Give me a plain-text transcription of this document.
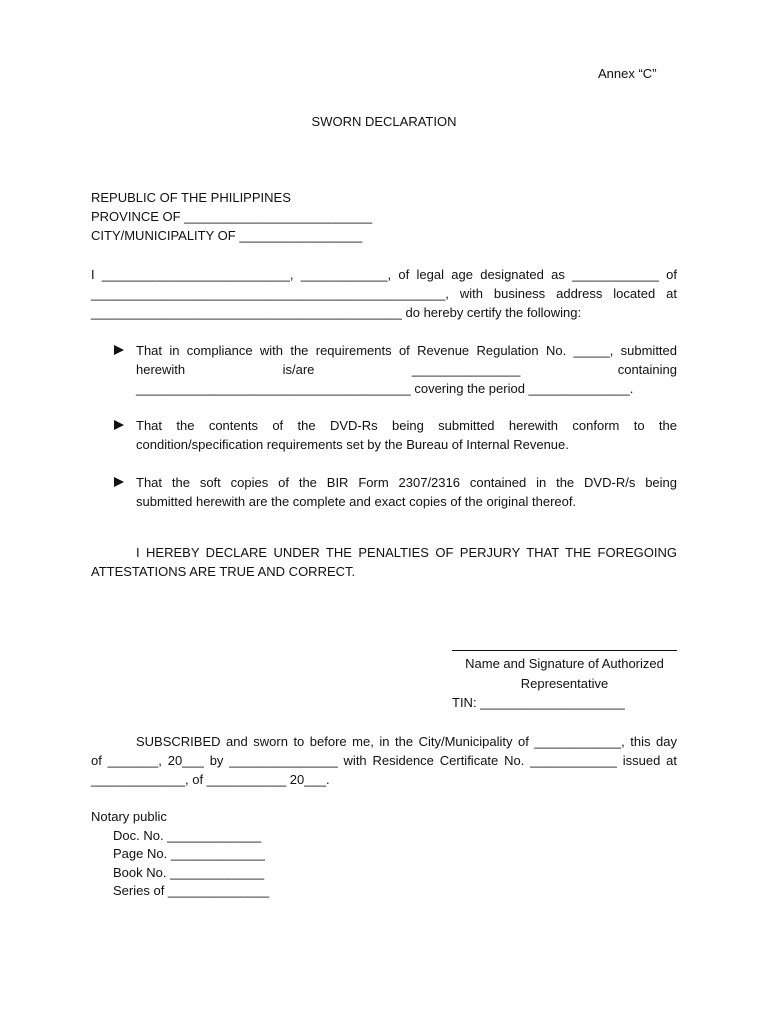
Annex “C”
SWORN DECLARATION
REPUBLIC OF THE PHILIPPINES
PROVINCE OF __________________________
CITY/MUNICIPALITY OF _________________
I __________________________, ____________, of legal age designated as ____________ of
_________________________________________________, with business address located at
___________________________________________ do hereby certify the following:
That in compliance with the requirements of Revenue Regulation No. _____, submitted
herewith is/are _______________ containing
______________________________________ covering the period ______________.
That the contents of the DVD-Rs being submitted herewith conform to the
condition/specification requirements set by the Bureau of Internal Revenue.
That the soft copies of the BIR Form 2307/2316 contained in the DVD-R/s being
submitted herewith are the complete and exact copies of the original thereof.
I HEREBY DECLARE UNDER THE PENALTIES OF PERJURY THAT THE FOREGOING
ATTESTATIONS ARE TRUE AND CORRECT.
Name and Signature of Authorized
Representative
TIN: ____________________
SUBSCRIBED and sworn to before me, in the City/Municipality of ____________, this day
of _______, 20___ by _______________ with Residence Certificate No. ____________ issued at
_____________, of ___________ 20___.
Notary public
Doc. No. _____________
Page No. _____________
Book No. _____________
Series of ______________
